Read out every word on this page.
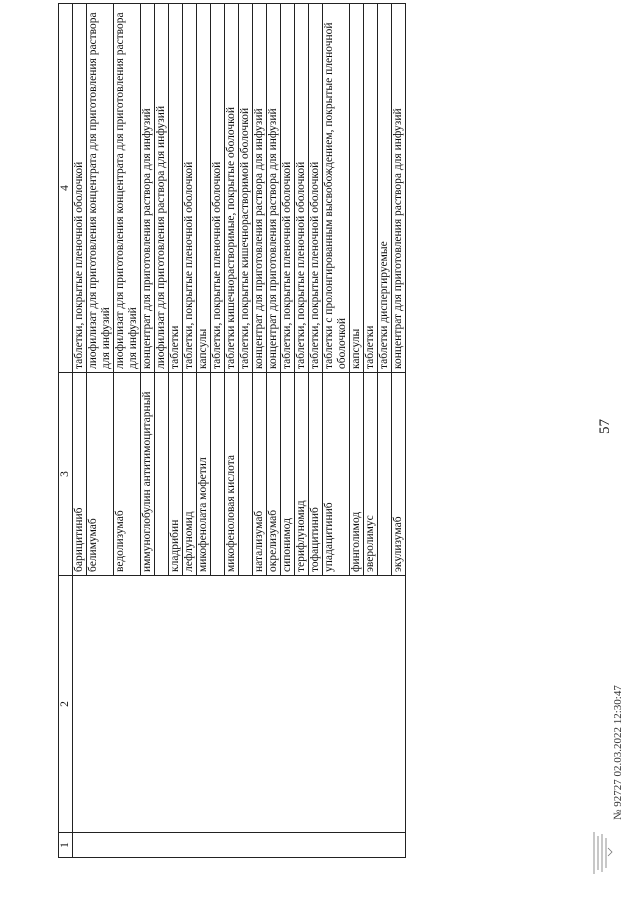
57
1	2	3	4
		барицитиниб	таблетки, покрытые пленочной оболочкой
		белимумаб	лиофилизат для приготовления концентрата для приготовления раствора для инфузий
		ведолизумаб	лиофилизат для приготовления концентрата для приготовления раствора для инфузий
		иммуноглобулин антитимоцитарный	концентрат для приготовления раствора для инфузий
			лиофилизат для приготовления раствора для инфузий
		кладрибин	таблетки
		лефлуномид	таблетки, покрытые пленочной оболочкой
		микофенолата мофетил	капсулы
			таблетки, покрытые пленочной оболочкой
		микофеноловая кислота	таблетки кишечнорастворимые, покрытые оболочкой
			таблетки, покрытые кишечнорастворимой оболочкой
		натализумаб	концентрат для приготовления раствора для инфузий
		окрелизумаб	концентрат для приготовления раствора для инфузий
		сипонимод	таблетки, покрытые пленочной оболочкой
		терифлуномид	таблетки, покрытые пленочной оболочкой
		тофацитиниб	таблетки, покрытые пленочной оболочкой
		упадацитиниб	таблетки с пролонгированным высвобождением, покрытые пленочной оболочкой
		финголимод	капсулы
		эверолимус	таблетки
			таблетки диспергируемые
		экулизумаб	концентрат для приготовления раствора для инфузий
№ 92727 02.03.2022 12:30:47
